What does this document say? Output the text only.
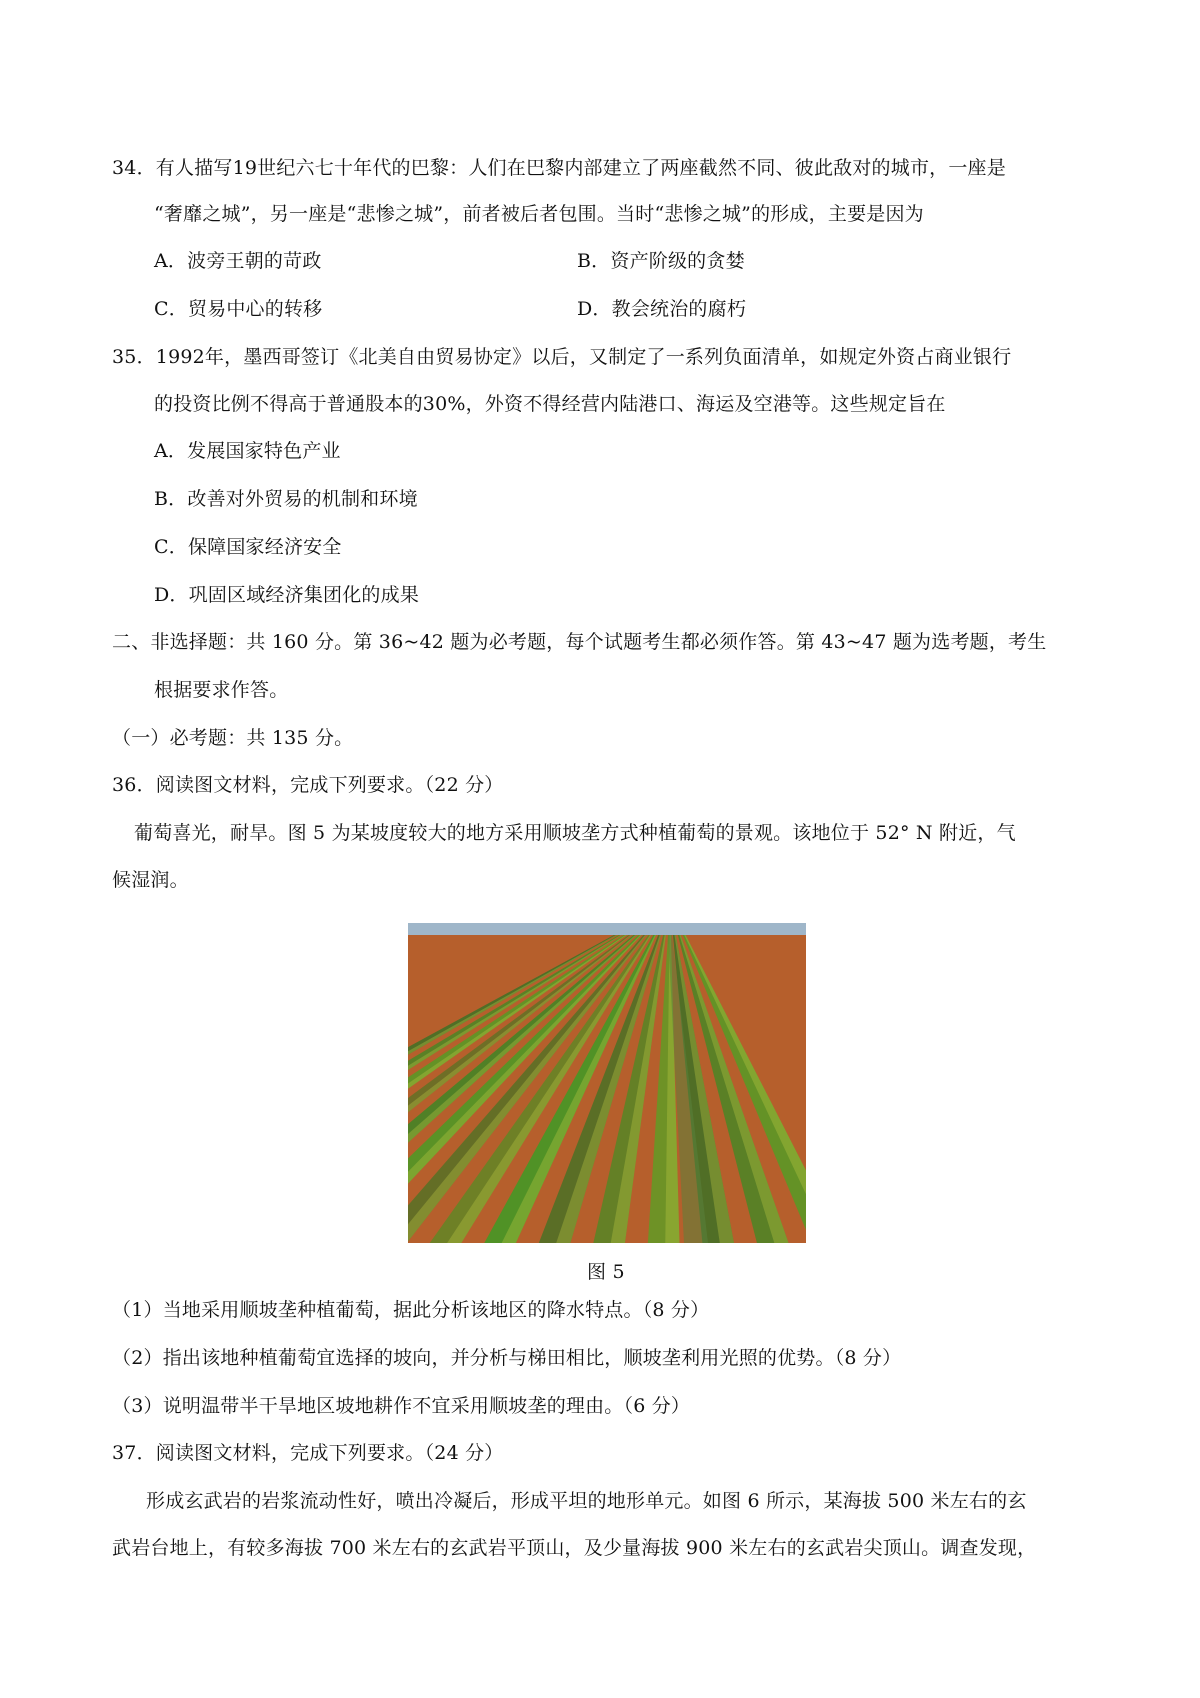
34．有人描写19世纪六七十年代的巴黎：人们在巴黎内部建立了两座截然不同、彼此敌对的城市，一座是
“奢靡之城”，另一座是“悲惨之城”，前者被后者包围。当时“悲惨之城”的形成，主要是因为
A．波旁王朝的苛政	B．资产阶级的贪婪
C．贸易中心的转移	D．教会统治的腐朽
35．1992年，墨西哥签订《北美自由贸易协定》以后，又制定了一系列负面清单，如规定外资占商业银行
的投资比例不得高于普通股本的30%，外资不得经营内陆港口、海运及空港等。这些规定旨在
A．发展国家特色产业
B．改善对外贸易的机制和环境
C．保障国家经济安全
D．巩固区域经济集团化的成果
二、非选择题：共 160 分。第 36~42 题为必考题，每个试题考生都必须作答。第 43~47 题为选考题，考生
根据要求作答。
（一）必考题：共 135 分。
36．阅读图文材料，完成下列要求。（22 分）
葡萄喜光，耐旱。图 5 为某坡度较大的地方采用顺坡垄方式种植葡萄的景观。该地位于 52° N 附近，气
候湿润。
图 5
（1）当地采用顺坡垄种植葡萄，据此分析该地区的降水特点。（8 分）
（2）指出该地种植葡萄宜选择的坡向，并分析与梯田相比，顺坡垄利用光照的优势。（8 分）
（3）说明温带半干旱地区坡地耕作不宜采用顺坡垄的理由。（6 分）
37．阅读图文材料，完成下列要求。（24 分）
形成玄武岩的岩浆流动性好，喷出冷凝后，形成平坦的地形单元。如图 6 所示，某海拔 500 米左右的玄
武岩台地上，有较多海拔 700 米左右的玄武岩平顶山，及少量海拔 900 米左右的玄武岩尖顶山。调查发现，
